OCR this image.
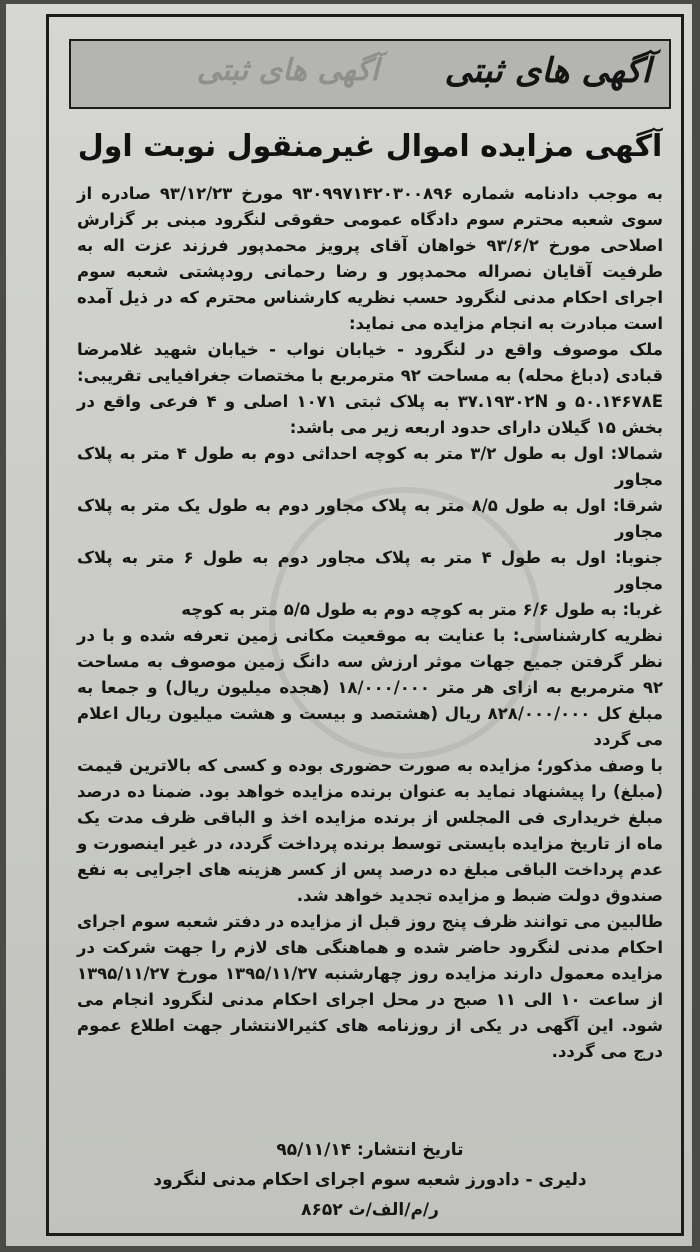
آگهی های ثبتی آگهی های ثبتی
آگهی مزایده اموال غیرمنقول نوبت اول

به موجب دادنامه شماره ۹۳۰۹۹۷۱۴۲۰۳۰۰۸۹۶ مورخ ۹۳/۱۲/۲۳ صادره از سوی شعبه محترم سوم دادگاه عمومی حقوقی لنگرود مبنی بر گزارش اصلاحی مورخ ۹۳/۶/۲ خواهان آقای پرویز محمدپور فرزند عزت اله به طرفیت آقایان نصراله محمدپور و رضا رحمانی رودپشتی شعبه سوم اجرای احکام مدنی لنگرود حسب نظریه کارشناس محترم که در ذیل آمده است مبادرت به انجام مزایده می نماید:

ملک موصوف واقع در لنگرود - خیابان نواب - خیابان شهید غلامرضا قبادی (دباغ محله) به مساحت ۹۲ مترمربع با مختصات جغرافیایی تقریبی: ۵۰.۱۴۶۷۸E و ۳۷.۱۹۳۰۲N به پلاک ثبتی ۱۰۷۱ اصلی و ۴ فرعی واقع در بخش ۱۵ گیلان دارای حدود اربعه زیر می باشد:

شمالا: اول به طول ۳/۲ متر به کوچه احداثی دوم به طول ۴ متر به پلاک مجاور

شرقا: اول به طول ۸/۵ متر به پلاک مجاور دوم به طول یک متر به پلاک مجاور

جنوبا: اول به طول ۴ متر به پلاک مجاور دوم به طول ۶ متر به پلاک مجاور

غربا: به طول ۶/۶ متر به کوچه دوم به طول ۵/۵ متر به کوچه

نظریه کارشناسی: با عنایت به موقعیت مکانی زمین تعرفه شده و با در نظر گرفتن جمیع جهات موثر ارزش سه دانگ زمین موصوف به مساحت ۹۲ مترمربع به ازای هر متر ۱۸/۰۰۰/۰۰۰ (هجده میلیون ریال) و جمعا به مبلغ کل ۸۲۸/۰۰۰/۰۰۰ ریال (هشتصد و بیست و هشت میلیون ریال اعلام می گردد

با وصف مذکور؛ مزایده به صورت حضوری بوده و کسی که بالاترین قیمت (مبلغ) را پیشنهاد نماید به عنوان برنده مزایده خواهد بود. ضمنا ده درصد مبلغ خریداری فی المجلس از برنده مزایده اخذ و الباقی ظرف مدت یک ماه از تاریخ مزایده بایستی توسط برنده پرداخت گردد، در غیر اینصورت و عدم پرداخت الباقی مبلغ ده درصد پس از کسر هزینه های اجرایی به نفع صندوق دولت ضبط و مزایده تجدید خواهد شد.

طالبین می توانند ظرف پنج روز قبل از مزایده در دفتر شعبه سوم اجرای احکام مدنی لنگرود حاضر شده و هماهنگی های لازم را جهت شرکت در مزایده معمول دارند مزایده روز چهارشنبه ۱۳۹۵/۱۱/۲۷ مورخ ۱۳۹۵/۱۱/۲۷ از ساعت ۱۰ الی ۱۱ صبح در محل اجرای احکام مدنی لنگرود انجام می شود. این آگهی در یکی از روزنامه های کثیرالانتشار جهت اطلاع عموم درج می گردد.

تاریخ انتشار: ۹۵/۱۱/۱۴
دلیری - دادورز شعبه سوم اجرای احکام مدنی لنگرود
ر/م/الف/ث ۸۶۵۲
